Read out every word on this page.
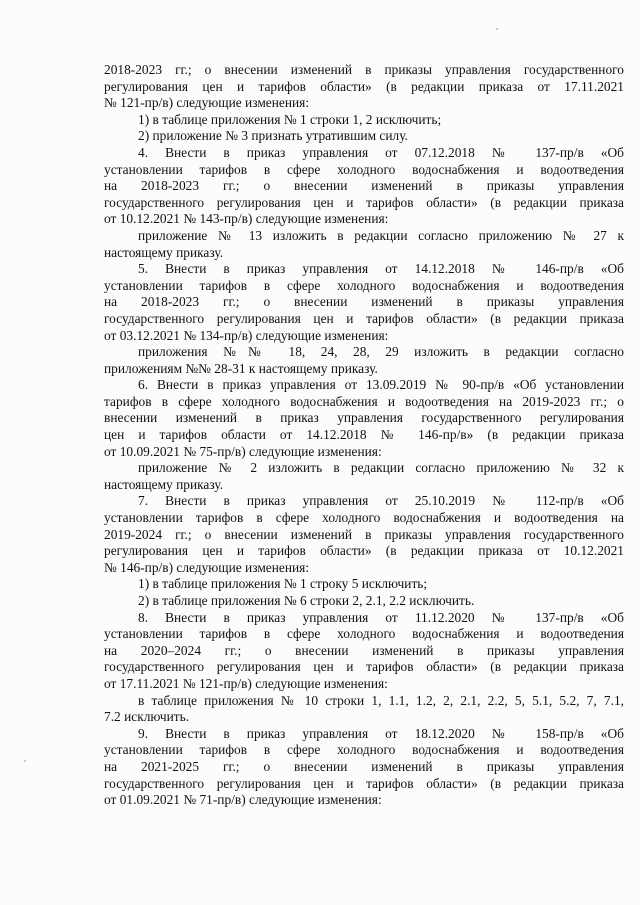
2018-2023 гг.; о внесении изменений в приказы управления государственного
регулирования цен и тарифов области» (в редакции приказа от 17.11.2021
№ 121-пр/в) следующие изменения:
1) в таблице приложения № 1 строки 1, 2 исключить;
2) приложение № 3 признать утратившим силу.
4. Внести в приказ управления от 07.12.2018 № 137-пр/в «Об
установлении тарифов в сфере холодного водоснабжения и водоотведения
на 2018-2023 гг.; о внесении изменений в приказы управления
государственного регулирования цен и тарифов области» (в редакции приказа
от 10.12.2021 № 143-пр/в) следующие изменения:
приложение № 13 изложить в редакции согласно приложению № 27 к
настоящему приказу.
5. Внести в приказ управления от 14.12.2018 № 146-пр/в «Об
установлении тарифов в сфере холодного водоснабжения и водоотведения
на 2018-2023 гг.; о внесении изменений в приказы управления
государственного регулирования цен и тарифов области» (в редакции приказа
от 03.12.2021 № 134-пр/в) следующие изменения:
приложения №№ 18, 24, 28, 29 изложить в редакции согласно
приложениям №№ 28-31 к настоящему приказу.
6. Внести в приказ управления от 13.09.2019 № 90-пр/в «Об установлении
тарифов в сфере холодного водоснабжения и водоотведения на 2019-2023 гг.; о
внесении изменений в приказ управления государственного регулирования
цен и тарифов области от 14.12.2018 № 146-пр/в» (в редакции приказа
от 10.09.2021 № 75-пр/в) следующие изменения:
приложение № 2 изложить в редакции согласно приложению № 32 к
настоящему приказу.
7. Внести в приказ управления от 25.10.2019 № 112-пр/в «Об
установлении тарифов в сфере холодного водоснабжения и водоотведения на
2019-2024 гг.; о внесении изменений в приказы управления государственного
регулирования цен и тарифов области» (в редакции приказа от 10.12.2021
№ 146-пр/в) следующие изменения:
1) в таблице приложения № 1 строку 5 исключить;
2) в таблице приложения № 6 строки 2, 2.1, 2.2 исключить.
8. Внести в приказ управления от 11.12.2020 № 137-пр/в «Об
установлении тарифов в сфере холодного водоснабжения и водоотведения
на 2020–2024 гг.; о внесении изменений в приказы управления
государственного регулирования цен и тарифов области» (в редакции приказа
от 17.11.2021 № 121-пр/в) следующие изменения:
в таблице приложения № 10 строки 1, 1.1, 1.2, 2, 2.1, 2.2, 5, 5.1, 5.2, 7, 7.1,
7.2 исключить.
9. Внести в приказ управления от 18.12.2020 № 158-пр/в «Об
установлении тарифов в сфере холодного водоснабжения и водоотведения
на 2021-2025 гг.; о внесении изменений в приказы управления
государственного регулирования цен и тарифов области» (в редакции приказа
от 01.09.2021 № 71-пр/в) следующие изменения:
